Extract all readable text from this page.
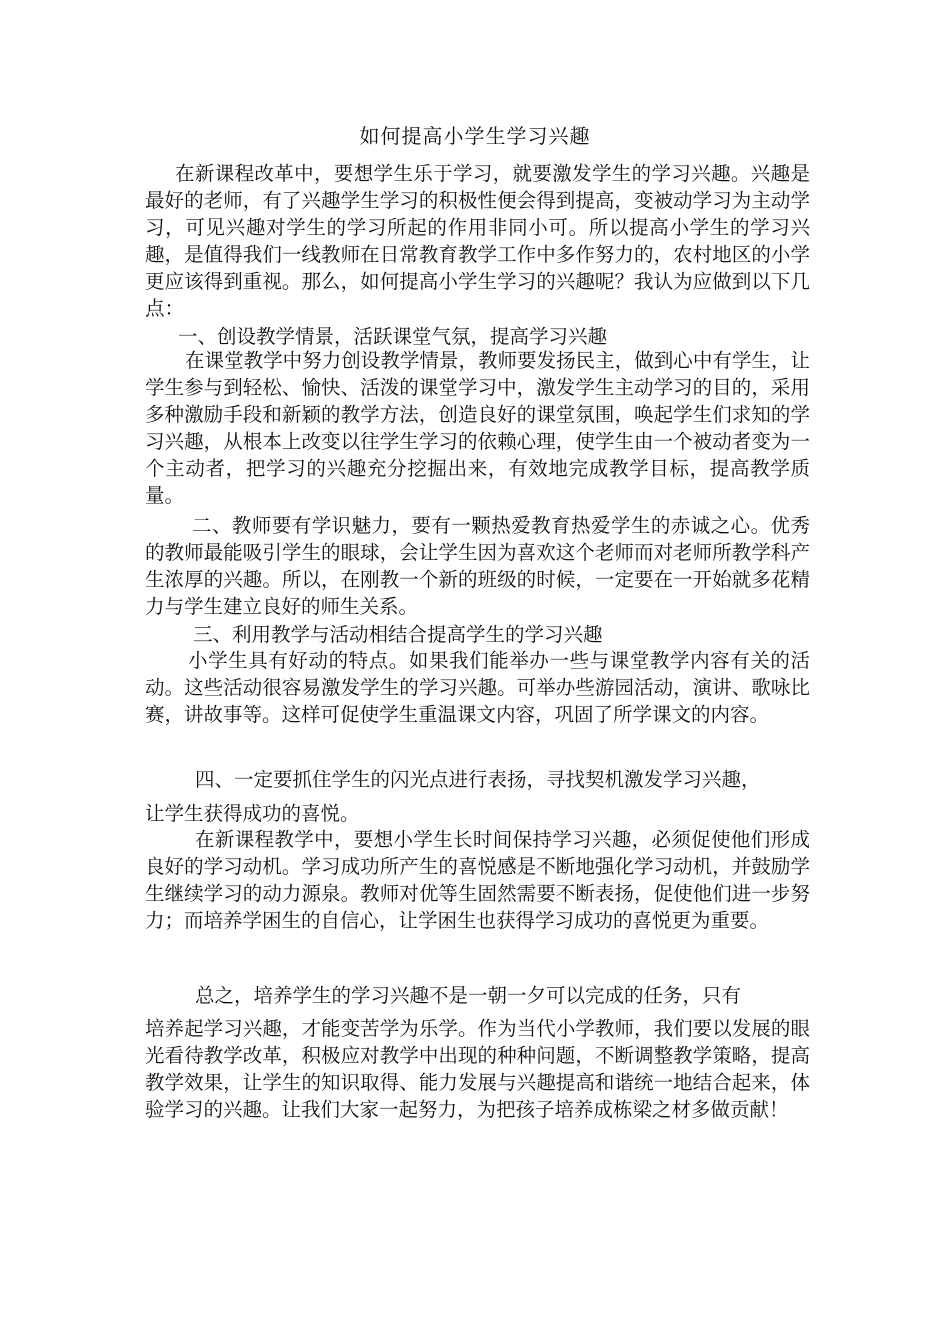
如何提高小学生学习兴趣

在新课程改革中，要想学生乐于学习，就要激发学生的学习兴趣。兴趣是最好的老师，有了兴趣学生学习的积极性便会得到提高，变被动学习为主动学习，可见兴趣对学生的学习所起的作用非同小可。所以提高小学生的学习兴趣，是值得我们一线教师在日常教育教学工作中多作努力的，农村地区的小学更应该得到重视。那么，如何提高小学生学习的兴趣呢？我认为应做到以下几点：

一、创设教学情景，活跃课堂气氛，提高学习兴趣

在课堂教学中努力创设教学情景，教师要发扬民主，做到心中有学生，让学生参与到轻松、愉快、活泼的课堂学习中，激发学生主动学习的目的，采用多种激励手段和新颖的教学方法，创造良好的课堂氛围，唤起学生们求知的学习兴趣，从根本上改变以往学生学习的依赖心理，使学生由一个被动者变为一个主动者，把学习的兴趣充分挖掘出来，有效地完成教学目标，提高教学质量。

二、教师要有学识魅力，要有一颗热爱教育热爱学生的赤诚之心。优秀的教师最能吸引学生的眼球，会让学生因为喜欢这个老师而对老师所教学科产生浓厚的兴趣。所以，在刚教一个新的班级的时候，一定要在一开始就多花精力与学生建立良好的师生关系。

三、利用教学与活动相结合提高学生的学习兴趣

小学生具有好动的特点。如果我们能举办一些与课堂教学内容有关的活动。这些活动很容易激发学生的学习兴趣。可举办些游园活动，演讲、歌咏比赛，讲故事等。这样可促使学生重温课文内容，巩固了所学课文的内容。

四、一定要抓住学生的闪光点进行表扬，寻找契机激发学习兴趣，

让学生获得成功的喜悦。

在新课程教学中，要想小学生长时间保持学习兴趣，必须促使他们形成良好的学习动机。学习成功所产生的喜悦感是不断地强化学习动机，并鼓励学生继续学习的动力源泉。教师对优等生固然需要不断表扬，促使他们进一步努力；而培养学困生的自信心，让学困生也获得学习成功的喜悦更为重要。

总之，培养学生的学习兴趣不是一朝一夕可以完成的任务，只有

培养起学习兴趣，才能变苦学为乐学。作为当代小学教师，我们要以发展的眼光看待教学改革，积极应对教学中出现的种种问题，不断调整教学策略，提高教学效果，让学生的知识取得、能力发展与兴趣提高和谐统一地结合起来，体验学习的兴趣。让我们大家一起努力，为把孩子培养成栋梁之材多做贡献！
